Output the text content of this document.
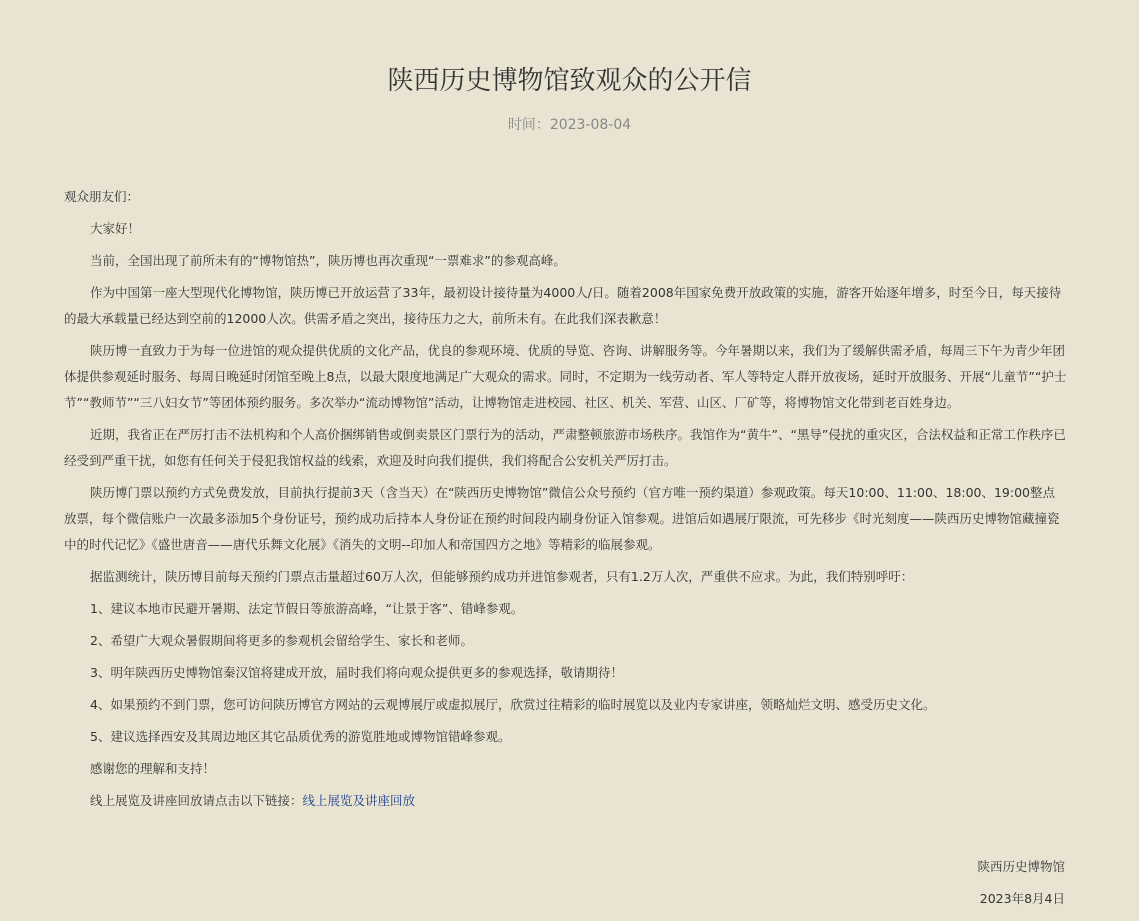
陕西历史博物馆致观众的公开信
时间：2023-08-04

观众朋友们：

大家好！

当前，全国出现了前所未有的“博物馆热”，陕历博也再次重现“一票难求”的参观高峰。

作为中国第一座大型现代化博物馆，陕历博已开放运营了33年，最初设计接待量为4000人/日。随着2008年国家免费开放政策的实施，游客开始逐年增多，时至今日，每天接待的最大承载量已经达到空前的12000人次。供需矛盾之突出，接待压力之大，前所未有。在此我们深表歉意！

陕历博一直致力于为每一位进馆的观众提供优质的文化产品，优良的参观环境、优质的导览、咨询、讲解服务等。今年暑期以来，我们为了缓解供需矛盾，每周三下午为青少年团体提供参观延时服务、每周日晚延时闭馆至晚上8点，以最大限度地满足广大观众的需求。同时，不定期为一线劳动者、军人等特定人群开放夜场，延时开放服务、开展“儿童节”“护士节”“教师节”“三八妇女节”等团体预约服务。多次举办“流动博物馆”活动，让博物馆走进校园、社区、机关、军营、山区、厂矿等，将博物馆文化带到老百姓身边。

近期，我省正在严厉打击不法机构和个人高价捆绑销售或倒卖景区门票行为的活动，严肃整顿旅游市场秩序。我馆作为“黄牛”、“黑导”侵扰的重灾区，合法权益和正常工作秩序已经受到严重干扰，如您有任何关于侵犯我馆权益的线索，欢迎及时向我们提供，我们将配合公安机关严厉打击。

陕历博门票以预约方式免费发放，目前执行提前3天（含当天）在“陕西历史博物馆”微信公众号预约（官方唯一预约渠道）参观政策。每天10:00、11:00、18:00、19:00整点放票，每个微信账户一次最多添加5个身份证号，预约成功后持本人身份证在预约时间段内刷身份证入馆参观。进馆后如遇展厅限流，可先移步《时光刻度——陕西历史博物馆藏撞瓷中的时代记忆》《盛世唐音——唐代乐舞文化展》《消失的文明--印加人和帝国四方之地》等精彩的临展参观。

据监测统计，陕历博目前每天预约门票点击量超过60万人次，但能够预约成功并进馆参观者，只有1.2万人次，严重供不应求。为此，我们特别呼吁：

1、建议本地市民避开暑期、法定节假日等旅游高峰，“让景于客”、错峰参观。

2、希望广大观众暑假期间将更多的参观机会留给学生、家长和老师。

3、明年陕西历史博物馆秦汉馆将建成开放，届时我们将向观众提供更多的参观选择，敬请期待！

4、如果预约不到门票，您可访问陕历博官方网站的云观博展厅或虚拟展厅，欣赏过往精彩的临时展览以及业内专家讲座，领略灿烂文明、感受历史文化。

5、建议选择西安及其周边地区其它品质优秀的游览胜地或博物馆错峰参观。

感谢您的理解和支持！

线上展览及讲座回放请点击以下链接：线上展览及讲座回放

陕西历史博物馆
2023年8月4日
